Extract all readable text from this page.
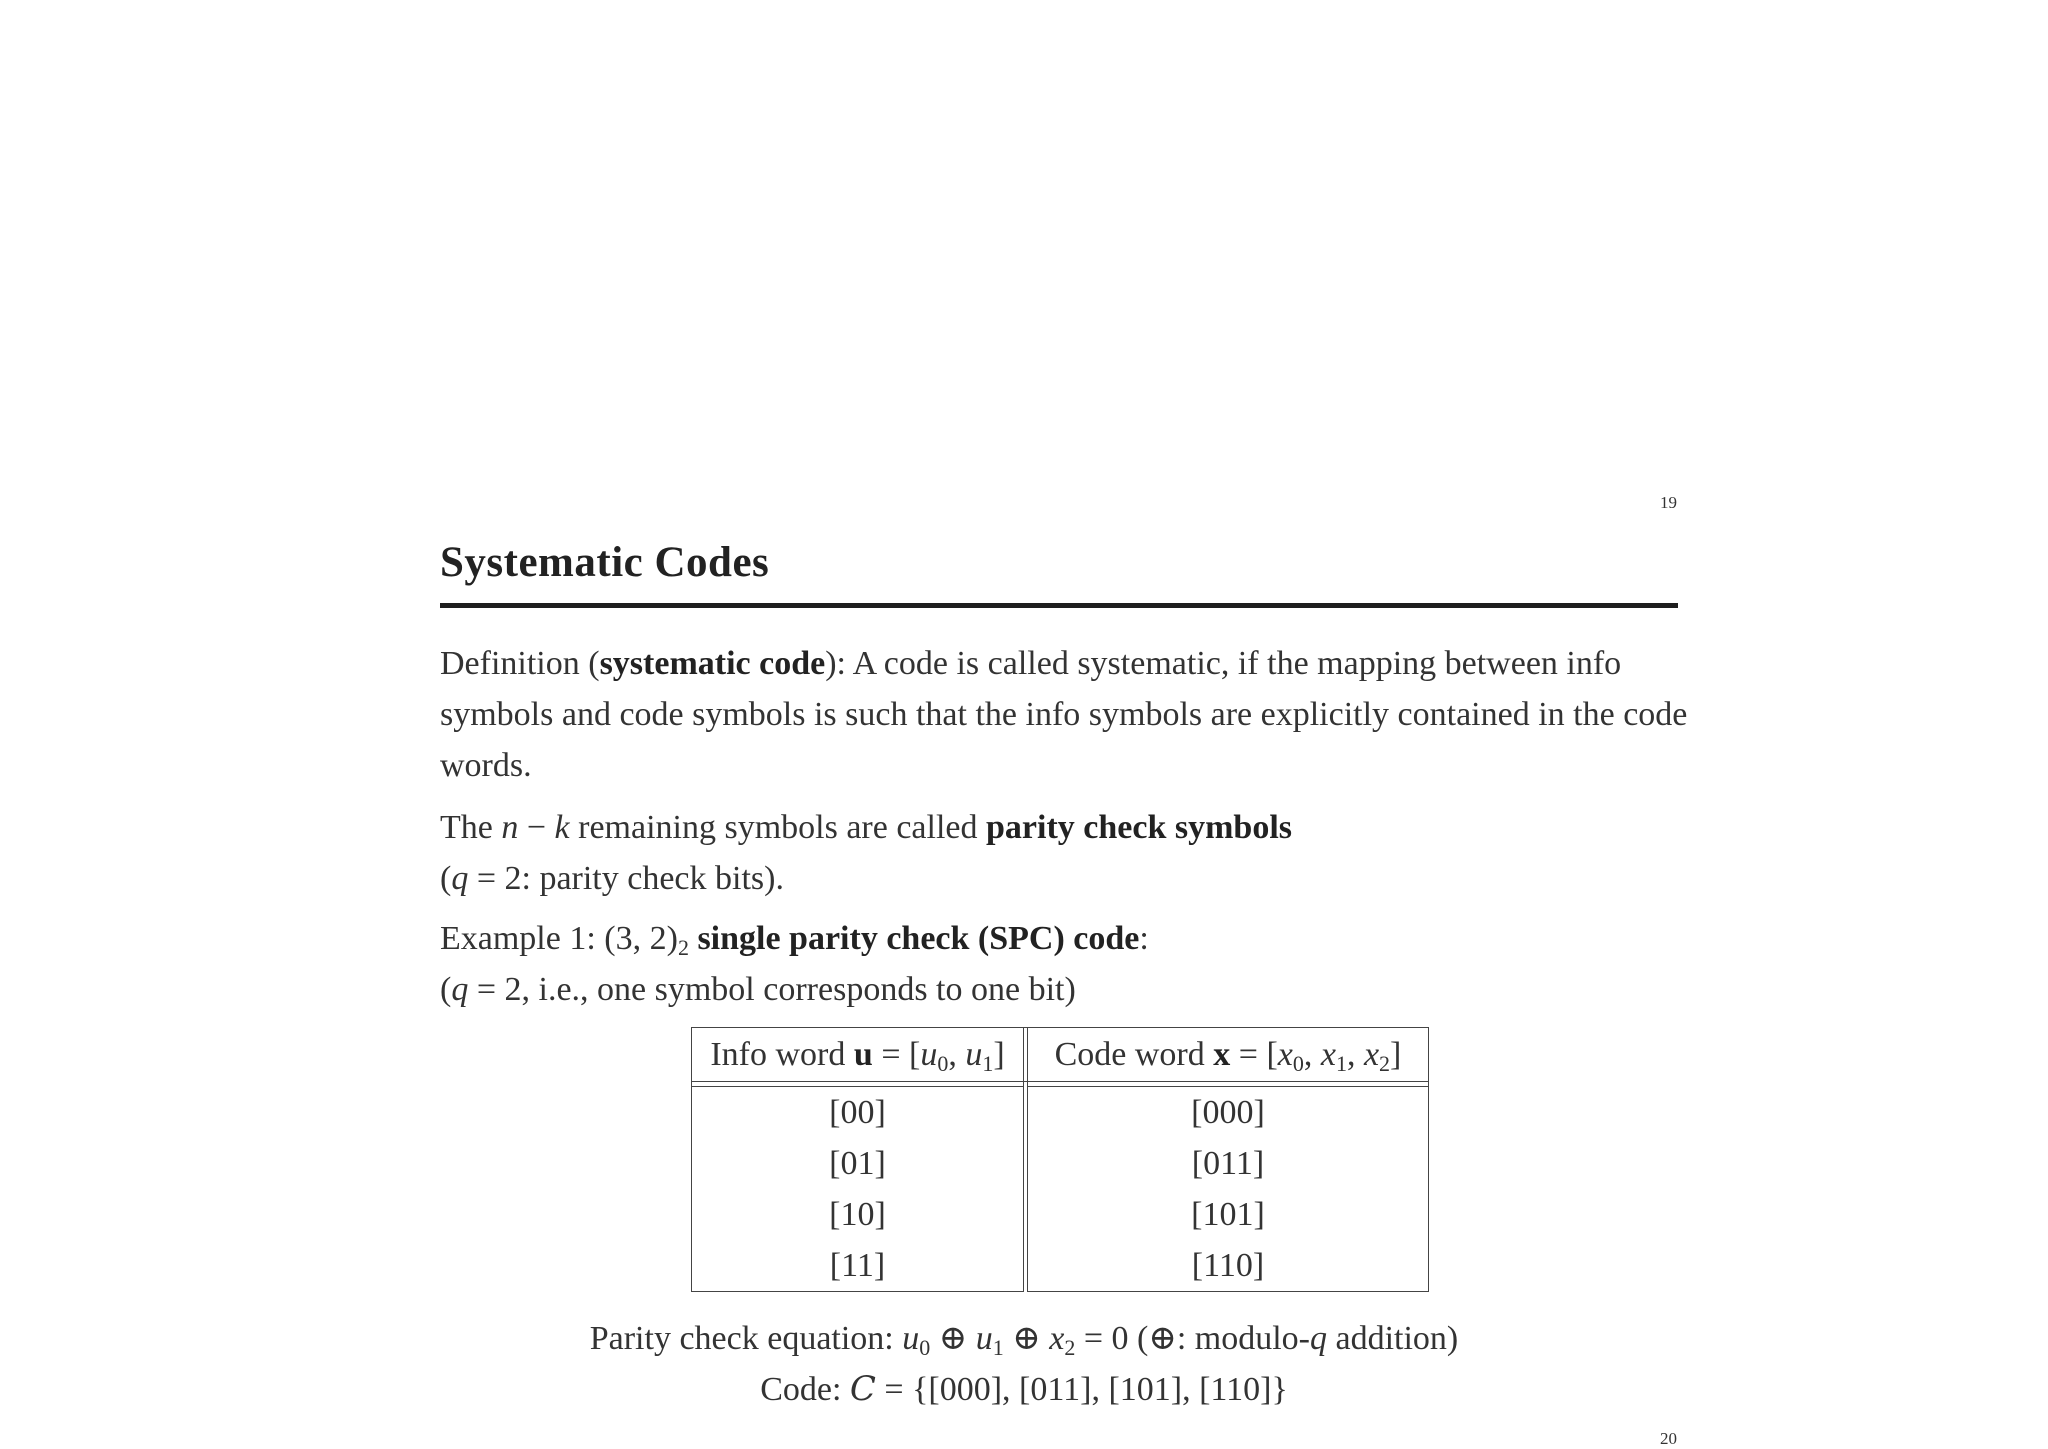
19
Systematic Codes
Definition (systematic code): A code is called systematic, if the mapping between info symbols and code symbols is such that the info symbols are explicitly contained in the code words.
The n − k remaining symbols are called parity check symbols
(q = 2: parity check bits).
Example 1: (3, $2)_2$ single parity check (SPC) code:
(q = 2, i.e., one symbol corresponds to one bit)
Info word $u = [u_0$, $u_1$]		Code word $x = [x_0$, $x_1$, $x_2$]

[00]		[000]
[01]		[011]
[10]		[101]
[11]		[110]
Parity check equation: $u_0$ ⊕ $u_1$ ⊕ $x_2 = 0$ (⊕: modulo-q addition)
Code: C = {[000], [011], [101], [110]}
20
